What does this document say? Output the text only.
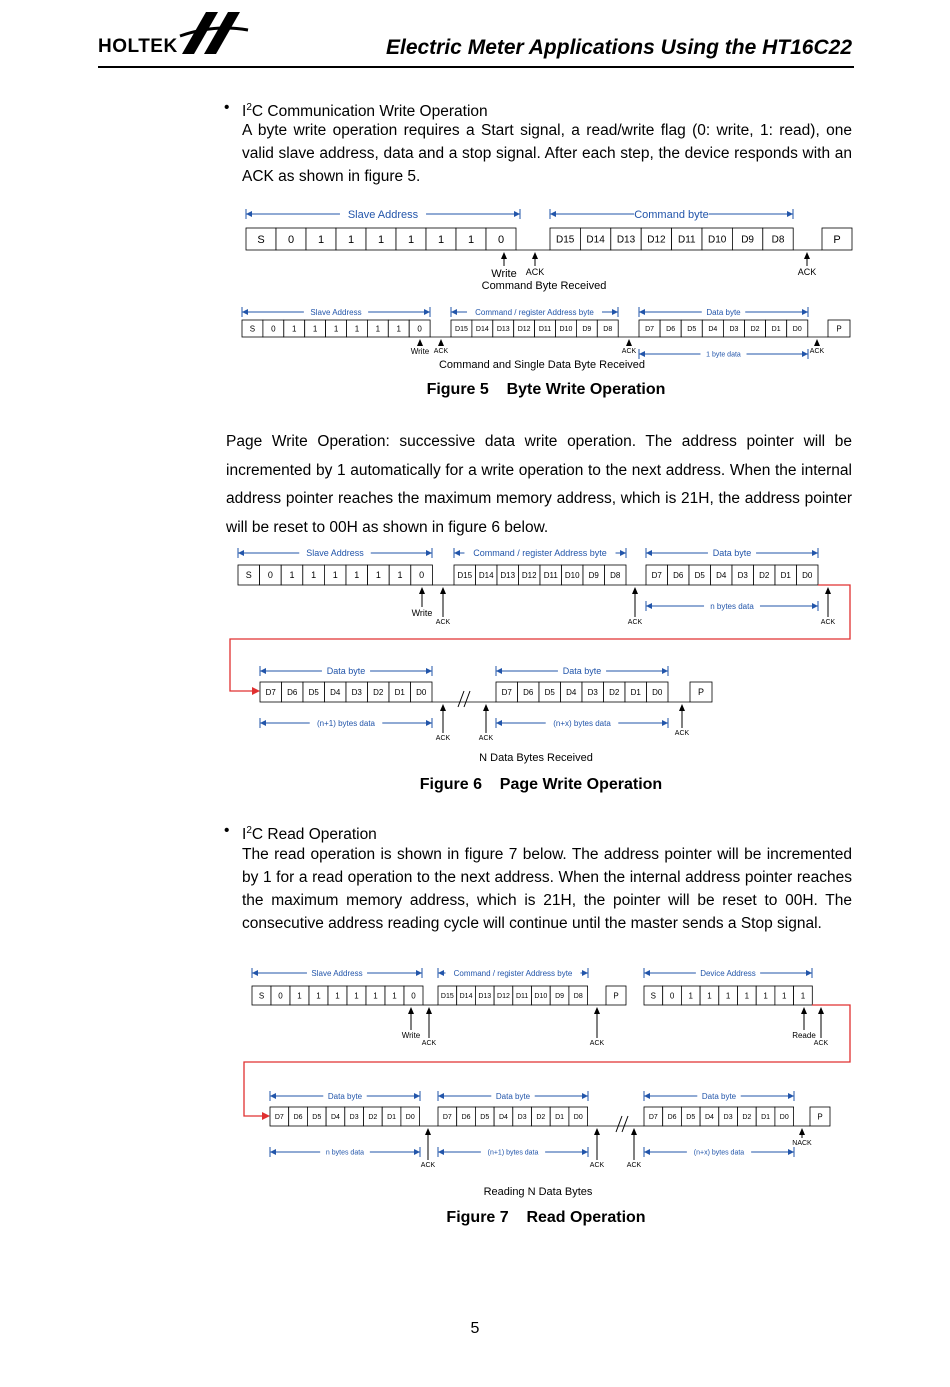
HOLTEK	Electric Meter Applications Using the HT16C22
• $I^2C$ Communication Write Operation
A byte write operation requires a Start signal, a read/write flag (0: write, 1: read), one valid slave address, data and a stop signal. After each step, the device responds with an ACK as shown in figure 5.
Slave Address	Command byte
S 0 1 1 1 1 1 1 0	D15 D14 D13 D12 D11 D10 D9 D8	P
Write ACK	ACK
Command Byte Received
Slave Address	Command / register Address byte	Data byte
S 0 1 1 1 1 1 1 0	D15 D14 D13 D12 D11 D10 D9 D8	D7 D6 D5 D4 D3 D2 D1 D0	P
Write ACK	ACK	ACK
1 byte data
Command and Single Data Byte Received
Figure 5    Byte Write Operation
Page Write Operation: successive data write operation. The address pointer will be incremented by 1 automatically for a write operation to the next address. When the internal address pointer reaches the maximum memory address, which is 21H, the address pointer will be reset to 00H as shown in figure 6 below.
Slave Address	Command / register Address byte	Data byte
S 0 1 1 1 1 1 1 0	D15 D14 D13 D12 D11 D10 D9 D8	D7 D6 D5 D4 D3 D2 D1 D0
Write
ACK	ACK	ACK
n bytes data
Data byte	Data byte
D7 D6 D5 D4 D3 D2 D1 D0	D7 D6 D5 D4 D3 D2 D1 D0	P
ACK	ACK
ACK
(n+1) bytes data	(n+x) bytes data
N Data Bytes Received
Figure 6    Page Write Operation
• $I^2C$ Read Operation
The read operation is shown in figure 7 below. The address pointer will be incremented by 1 for a read operation to the next address. When the internal address pointer reaches the maximum memory address, which is 21H, the pointer will be reset to 00H. The consecutive address reading cycle will continue until the master sends a Stop signal.
Slave Address	Command / register Address byte	Device Address
S 0 1 1 1 1 1 1 0	D15 D14 D13 D12 D11 D10 D9 D8	P	S 0 1 1 1 1 1 1 1
Write
ACK	ACK
Reade
ACK
Data byte	Data byte	Data byte
D7 D6 D5 D4 D3 D2 D1 D0	D7 D6 D5 D4 D3 D2 D1 D0	D7 D6 D5 D4 D3 D2 D1 D0	P
ACK	ACK	ACK
NACK
n bytes data	(n+1) bytes data	(n+x) bytes data
Reading N Data Bytes
Figure 7    Read Operation
5
